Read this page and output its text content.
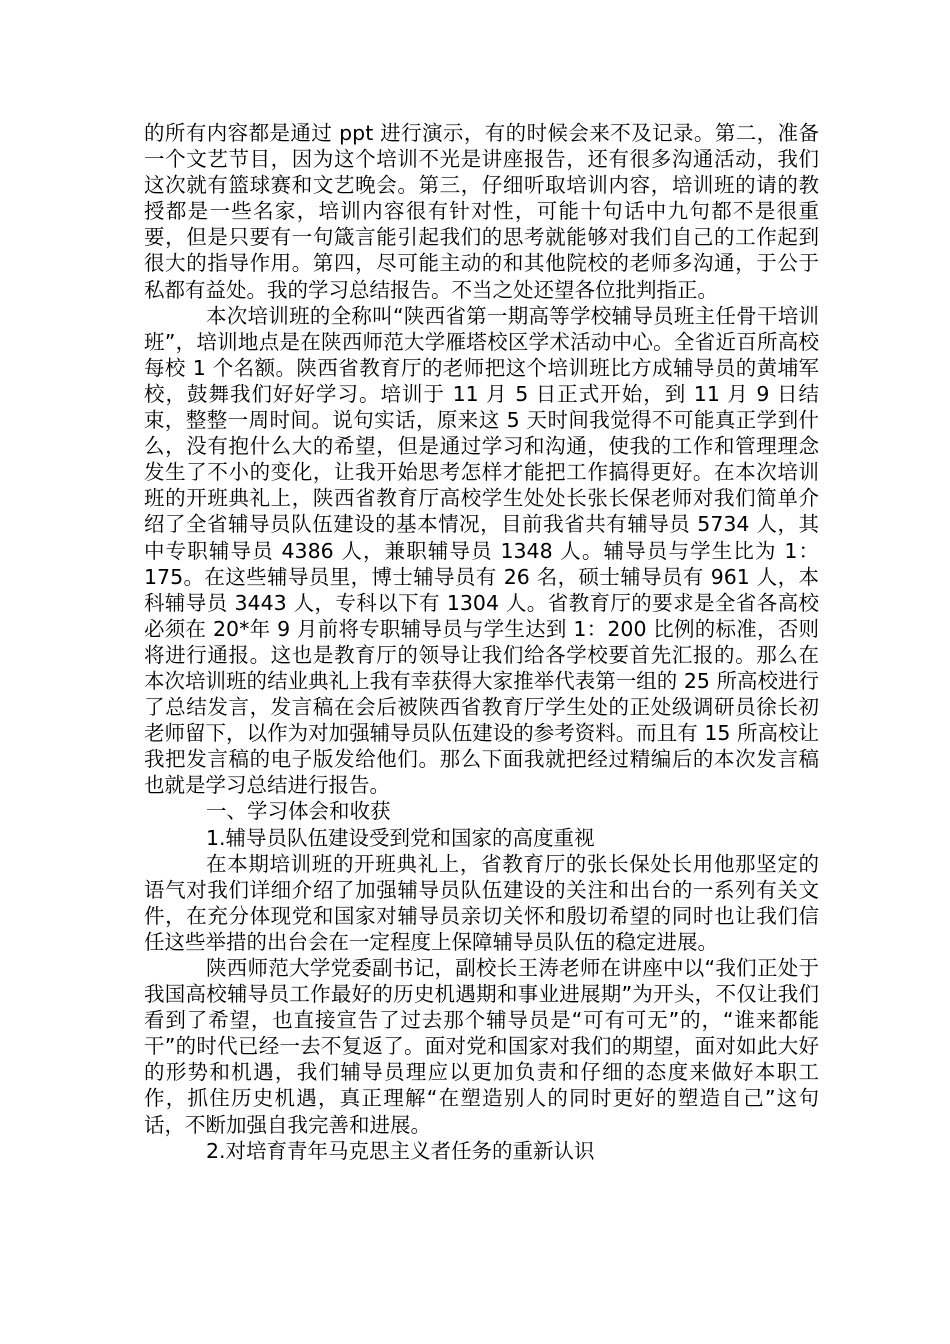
的所有内容都是通过 ppt 进行演示，有的时候会来不及记录。第二，准备一个文艺节目，因为这个培训不光是讲座报告，还有很多沟通活动，我们这次就有篮球赛和文艺晚会。第三，仔细听取培训内容，培训班的请的教授都是一些名家，培训内容很有针对性，可能十句话中九句都不是很重要，但是只要有一句箴言能引起我们的思考就能够对我们自己的工作起到很大的指导作用。第四，尽可能主动的和其他院校的老师多沟通，于公于私都有益处。我的学习总结报告。不当之处还望各位批判指正。

本次培训班的全称叫“陕西省第一期高等学校辅导员班主任骨干培训班”，培训地点是在陕西师范大学雁塔校区学术活动中心。全省近百所高校每校 1 个名额。陕西省教育厅的老师把这个培训班比方成辅导员的黄埔军校，鼓舞我们好好学习。培训于 11 月 5 日正式开始，到 11 月 9 日结束，整整一周时间。说句实话，原来这 5 天时间我觉得不可能真正学到什么，没有抱什么大的希望，但是通过学习和沟通，使我的工作和管理理念发生了不小的变化，让我开始思考怎样才能把工作搞得更好。在本次培训班的开班典礼上，陕西省教育厅高校学生处处长张长保老师对我们简单介绍了全省辅导员队伍建设的基本情况，目前我省共有辅导员 5734 人，其中专职辅导员 4386 人，兼职辅导员 1348 人。辅导员与学生比为 1：175。在这些辅导员里，博士辅导员有 26 名，硕士辅导员有 961 人，本科辅导员 3443 人，专科以下有 1304 人。省教育厅的要求是全省各高校必须在 20*年 9 月前将专职辅导员与学生达到 1：200 比例的标准，否则将进行通报。这也是教育厅的领导让我们给各学校要首先汇报的。那么在本次培训班的结业典礼上我有幸获得大家推举代表第一组的 25 所高校进行了总结发言，发言稿在会后被陕西省教育厅学生处的正处级调研员徐长初老师留下，以作为对加强辅导员队伍建设的参考资料。而且有 15 所高校让我把发言稿的电子版发给他们。那么下面我就把经过精编后的本次发言稿也就是学习总结进行报告。

一、学习体会和收获

1.辅导员队伍建设受到党和国家的高度重视

在本期培训班的开班典礼上，省教育厅的张长保处长用他那坚定的语气对我们详细介绍了加强辅导员队伍建设的关注和出台的一系列有关文件，在充分体现党和国家对辅导员亲切关怀和殷切希望的同时也让我们信任这些举措的出台会在一定程度上保障辅导员队伍的稳定进展。

陕西师范大学党委副书记，副校长王涛老师在讲座中以“我们正处于我国高校辅导员工作最好的历史机遇期和事业进展期”为开头，不仅让我们看到了希望，也直接宣告了过去那个辅导员是“可有可无”的，“谁来都能干”的时代已经一去不复返了。面对党和国家对我们的期望，面对如此大好的形势和机遇，我们辅导员理应以更加负责和仔细的态度来做好本职工作，抓住历史机遇，真正理解“在塑造别人的同时更好的塑造自己”这句话，不断加强自我完善和进展。

2.对培育青年马克思主义者任务的重新认识
